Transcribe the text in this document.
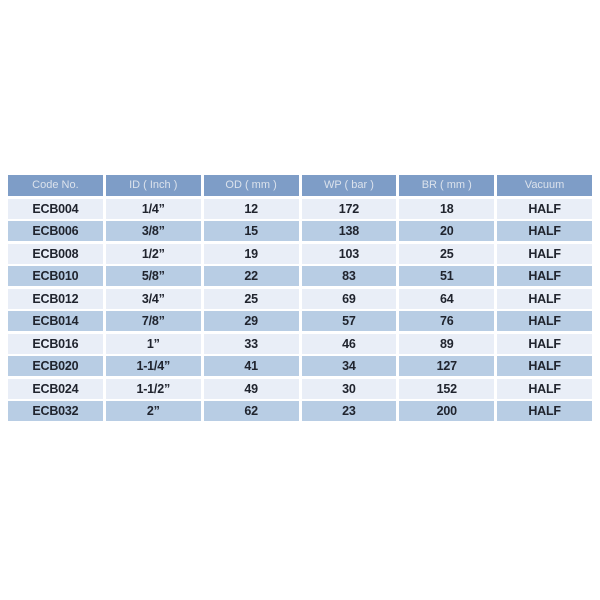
Code No.	ID ( Inch )	OD ( mm )	WP ( bar )	BR ( mm )	Vacuum
ECB004	1/4”	12	172	18	HALF
ECB006	3/8”	15	138	20	HALF
ECB008	1/2”	19	103	25	HALF
ECB010	5/8”	22	83	51	HALF
ECB012	3/4”	25	69	64	HALF
ECB014	7/8”	29	57	76	HALF
ECB016	1”	33	46	89	HALF
ECB020	1-1/4”	41	34	127	HALF
ECB024	1-1/2”	49	30	152	HALF
ECB032	2”	62	23	200	HALF
